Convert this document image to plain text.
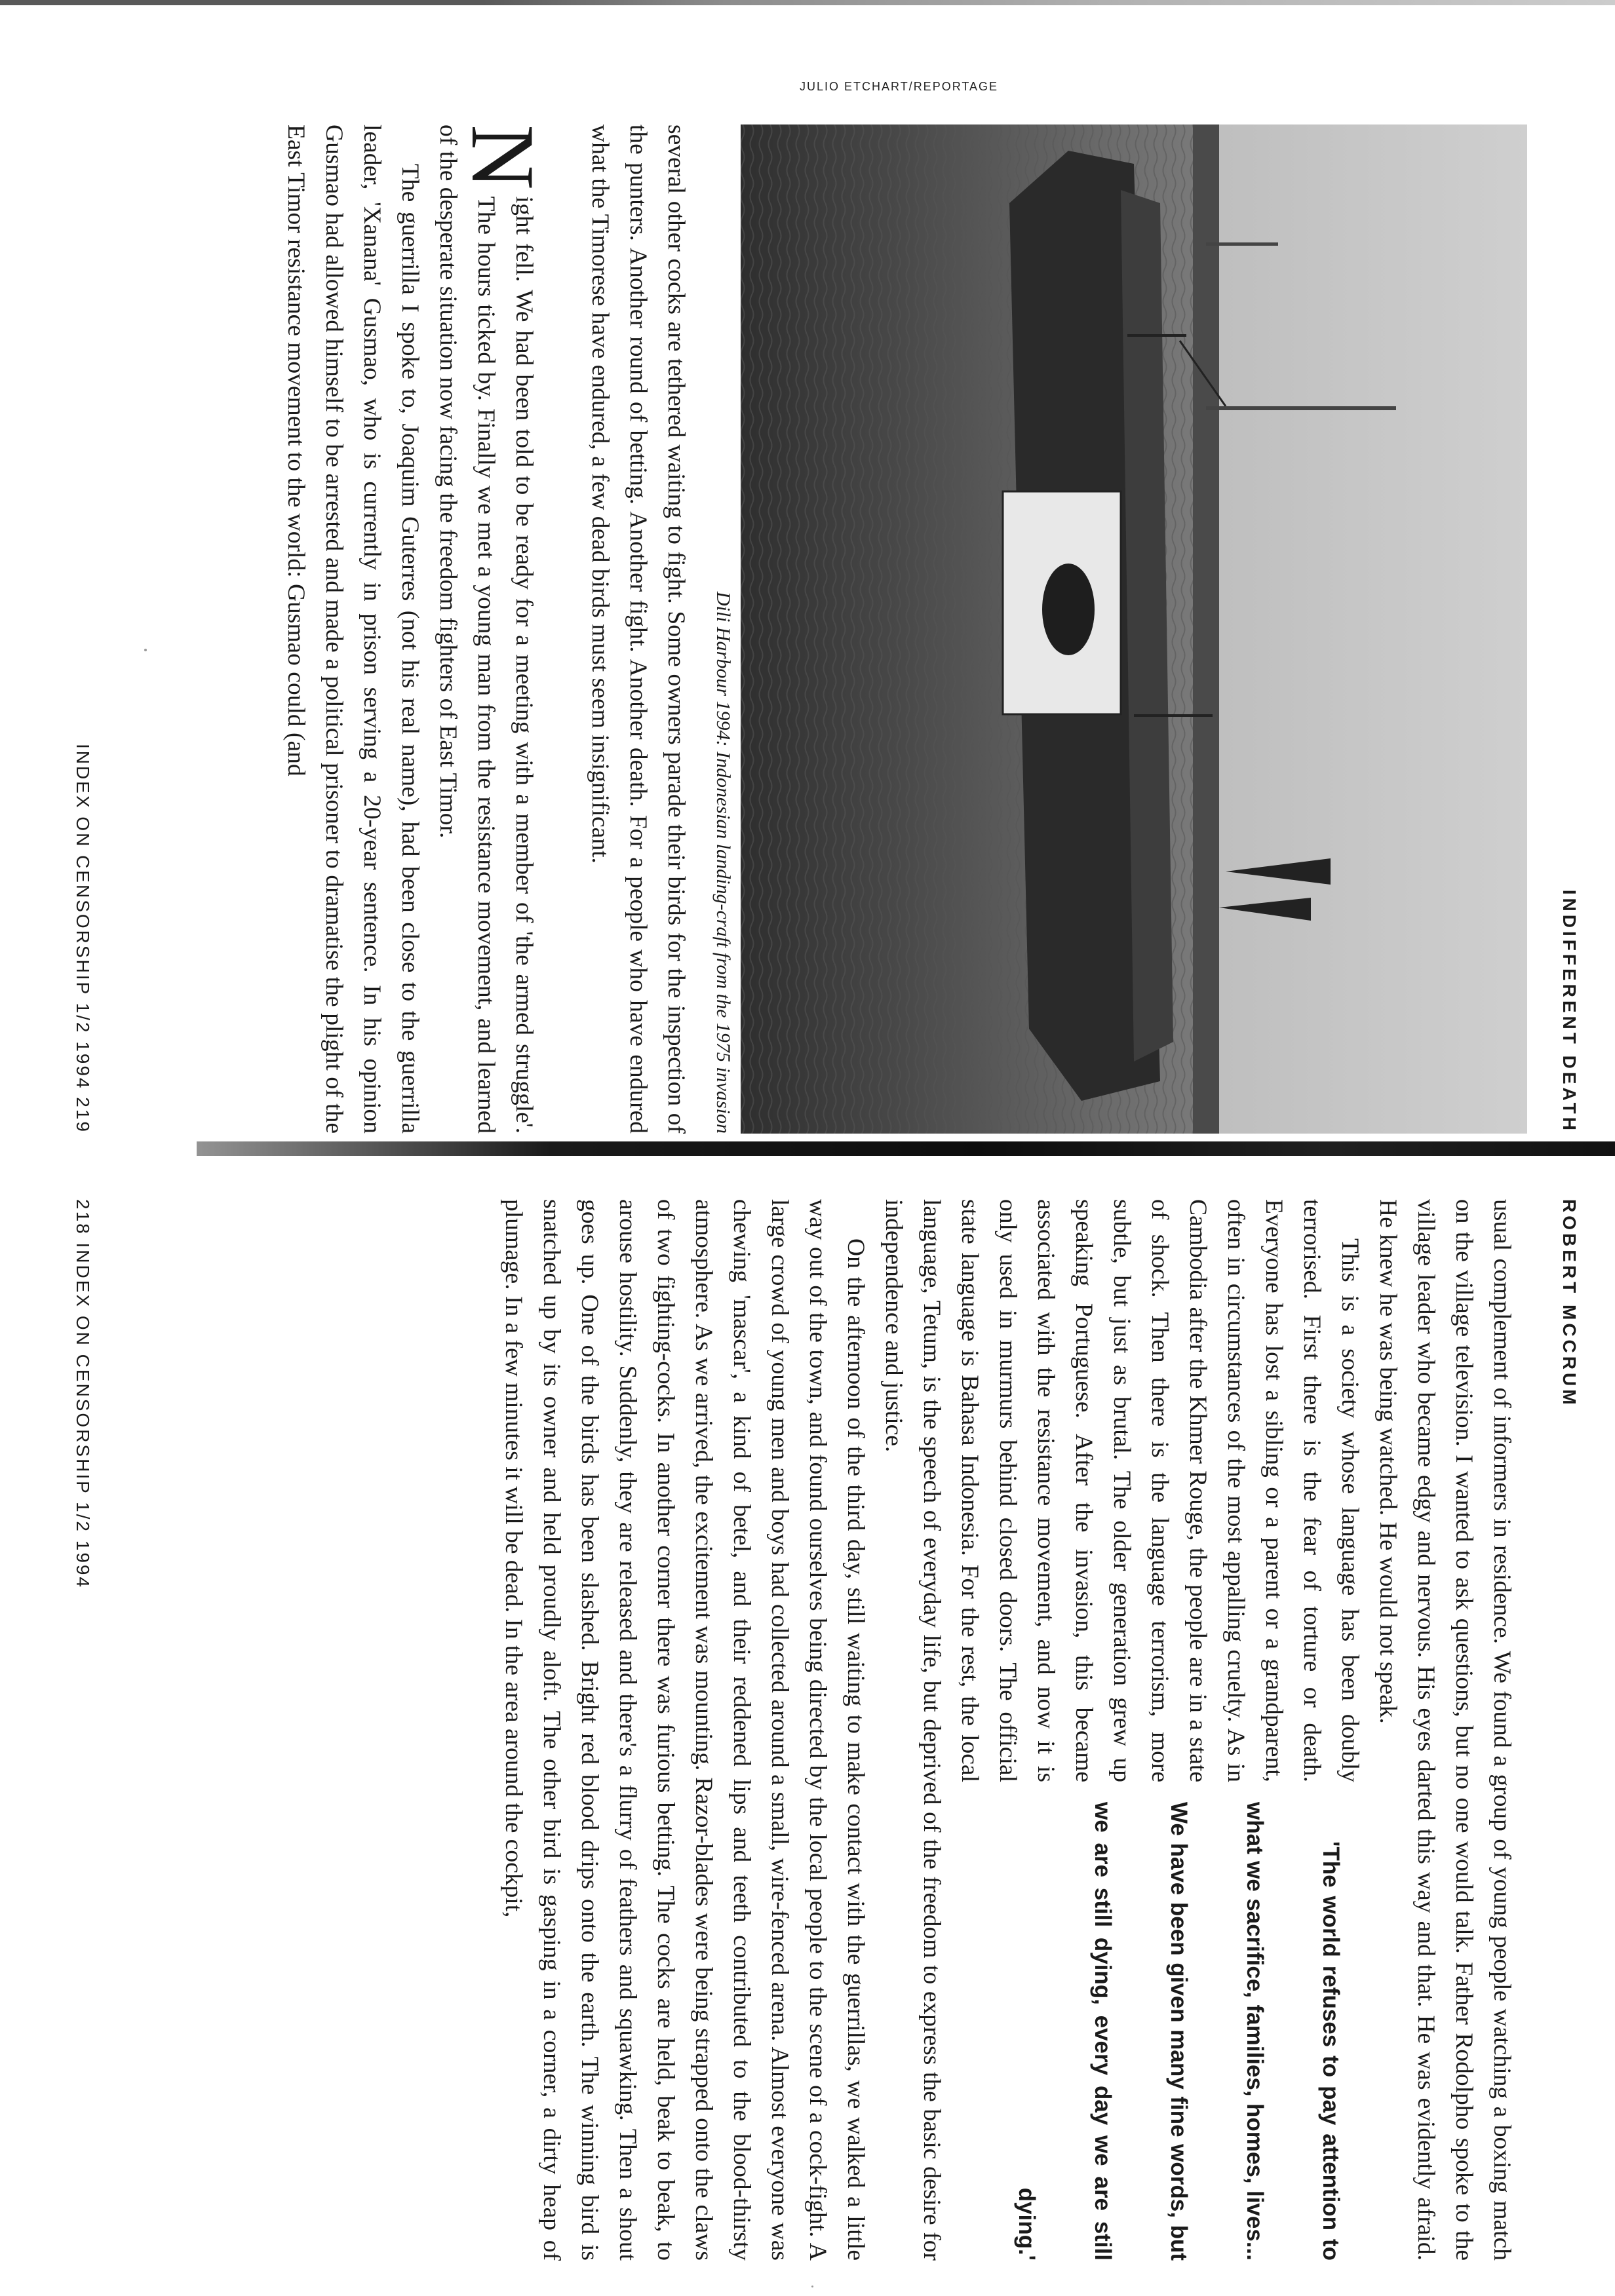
INDIFFERENT DEATH
Dili Harbour 1994: Indonesian landing-craft from the 1975 invasion
JULIO ETCHART/REPORTAGE

several other cocks are tethered waiting to fight. Some owners parade their birds for the inspection of the punters. Another round of betting. Another fight. Another death. For a people who have endured what the Timorese have endured, a few dead birds must seem insignificant.

N
ight fell. We had been told to be ready for a meeting with a member of 'the armed struggle'. The hours ticked by. Finally we met a young man from the resistance movement, and learned of the desperate situation now facing the freedom fighters of East Timor.

The guerrilla I spoke to, Joaquim Guterres (not his real name), had been close to the guerrilla leader, 'Xanana' Gusmao, who is currently in prison serving a 20-year sentence. In his opinion Gusmao had allowed himself to be arrested and made a political prisoner to dramatise the plight of the East Timor resistance movement to the world: Gusmao could (and

INDEX ON CENSORSHIP 1/2 1994 219
ROBERT MCCRUM

usual complement of informers in residence. We found a group of young people watching a boxing match on the village television. I wanted to ask questions, but no one would talk. Father Rodolpho spoke to the village leader who became edgy and nervous. His eyes darted this way and that. He was evidently afraid. He knew he was being watched. He would not speak.

'The world refuses to pay attention to what we sacrifice, families, homes, lives... We have been given many fine words, but we are still dying, every day we are still dying.'
This is a society whose language has been doubly terrorised. First there is the fear of torture or death. Everyone has lost a sibling or a parent or a grandparent, often in circumstances of the most appalling cruelty. As in Cambodia after the Khmer Rouge, the people are in a state of shock. Then there is the language terrorism, more subtle, but just as brutal. The older generation grew up speaking Portuguese. After the invasion, this became associated with the resistance movement, and now it is only used in murmurs behind closed doors. The official state language is Bahasa Indonesia. For the rest, the local language, Tetum, is the speech of everyday life, but deprived of the freedom to express the basic desire for independence and justice.

On the afternoon of the third day, still waiting to make contact with the guerrillas, we walked a little way out of the town, and found ourselves being directed by the local people to the scene of a cock-fight. A large crowd of young men and boys had collected around a small, wire-fenced arena. Almost everyone was chewing 'mascar', a kind of betel, and their reddened lips and teeth contributed to the blood-thirsty atmosphere. As we arrived, the excitement was mounting. Razor-blades were being strapped onto the claws of two fighting-cocks. In another corner there was furious betting. The cocks are held, beak to beak, to arouse hostility. Suddenly, they are released and there's a flurry of feathers and squawking. Then a shout goes up. One of the birds has been slashed. Bright red blood drips onto the earth. The winning bird is snatched up by its owner and held proudly aloft. The other bird is gasping in a corner, a dirty heap of plumage. In a few minutes it will be dead. In the area around the cockpit,

218 INDEX ON CENSORSHIP 1/2 1994
